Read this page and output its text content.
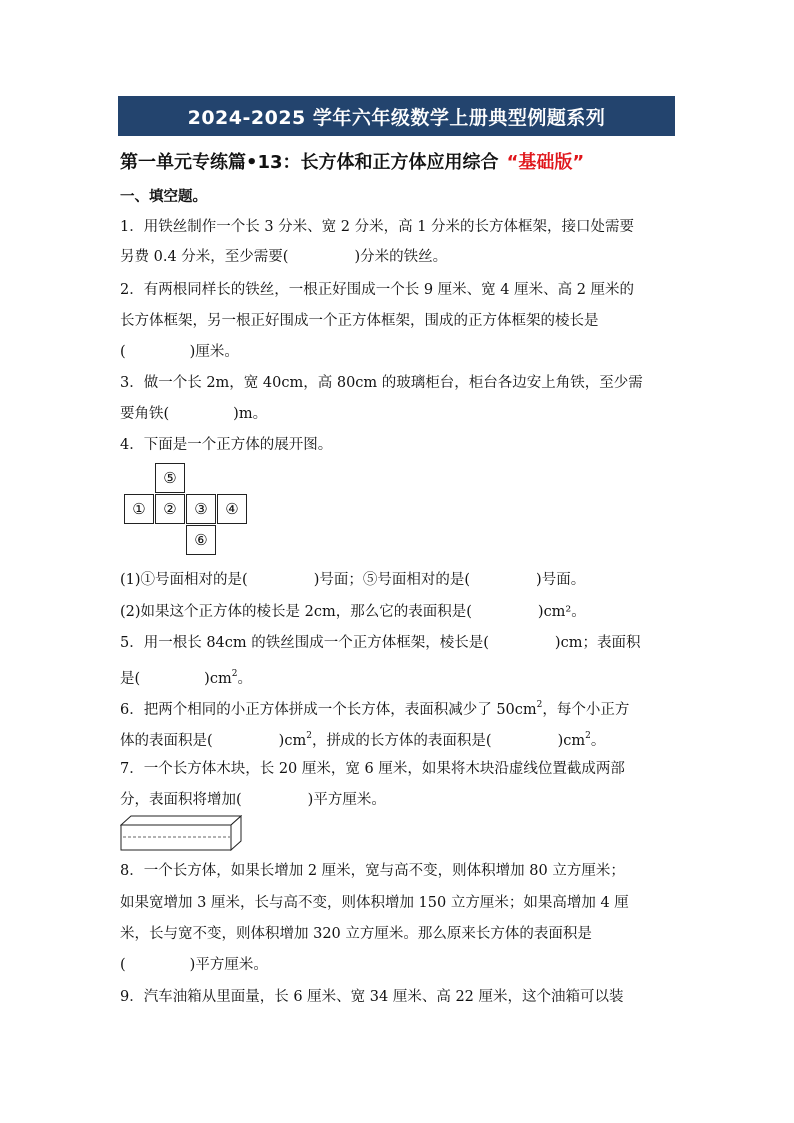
2024-2025 学年六年级数学上册典型例题系列
第一单元专练篇•13：长方体和正方体应用综合 “基础版”
一、填空题。
1．用铁丝制作一个长 3 分米、宽 2 分米，高 1 分米的长方体框架，接口处需要
另费 0.4 分米，至少需要(	)分米的铁丝。
2．有两根同样长的铁丝，一根正好围成一个长 9 厘米、宽 4 厘米、高 2 厘米的
长方体框架，另一根正好围成一个正方体框架，围成的正方体框架的棱长是
(	)厘米。
3．做一个长 2m，宽 40cm，高 80cm 的玻璃柜台，柜台各边安上角铁，至少需
要角铁(	)m。
4．下面是一个正方体的展开图。
⑤
①	②	③	④
⑥
(1)①号面相对的是(	)号面；⑤号面相对的是(	)号面。
(2)如果这个正方体的棱长是 2cm，那么它的表面积是(	)cm²。
5．用一根长 84cm 的铁丝围成一个正方体框架，棱长是(	)cm；表面积
是(	)$cm^2$。
6．把两个相同的小正方体拼成一个长方体，表面积减少了 $50cm^2$，每个小正方
体的表面积是(	)$cm^2$，拼成的长方体的表面积是(	)$cm^2$。
7．一个长方体木块，长 20 厘米，宽 6 厘米，如果将木块沿虚线位置截成两部
分，表面积将增加(	)平方厘米。
8．一个长方体，如果长增加 2 厘米，宽与高不变，则体积增加 80 立方厘米；
如果宽增加 3 厘米，长与高不变，则体积增加 150 立方厘米；如果高增加 4 厘
米，长与宽不变，则体积增加 320 立方厘米。那么原来长方体的表面积是
(	)平方厘米。
9．汽车油箱从里面量，长 6 厘米、宽 34 厘米、高 22 厘米，这个油箱可以装
